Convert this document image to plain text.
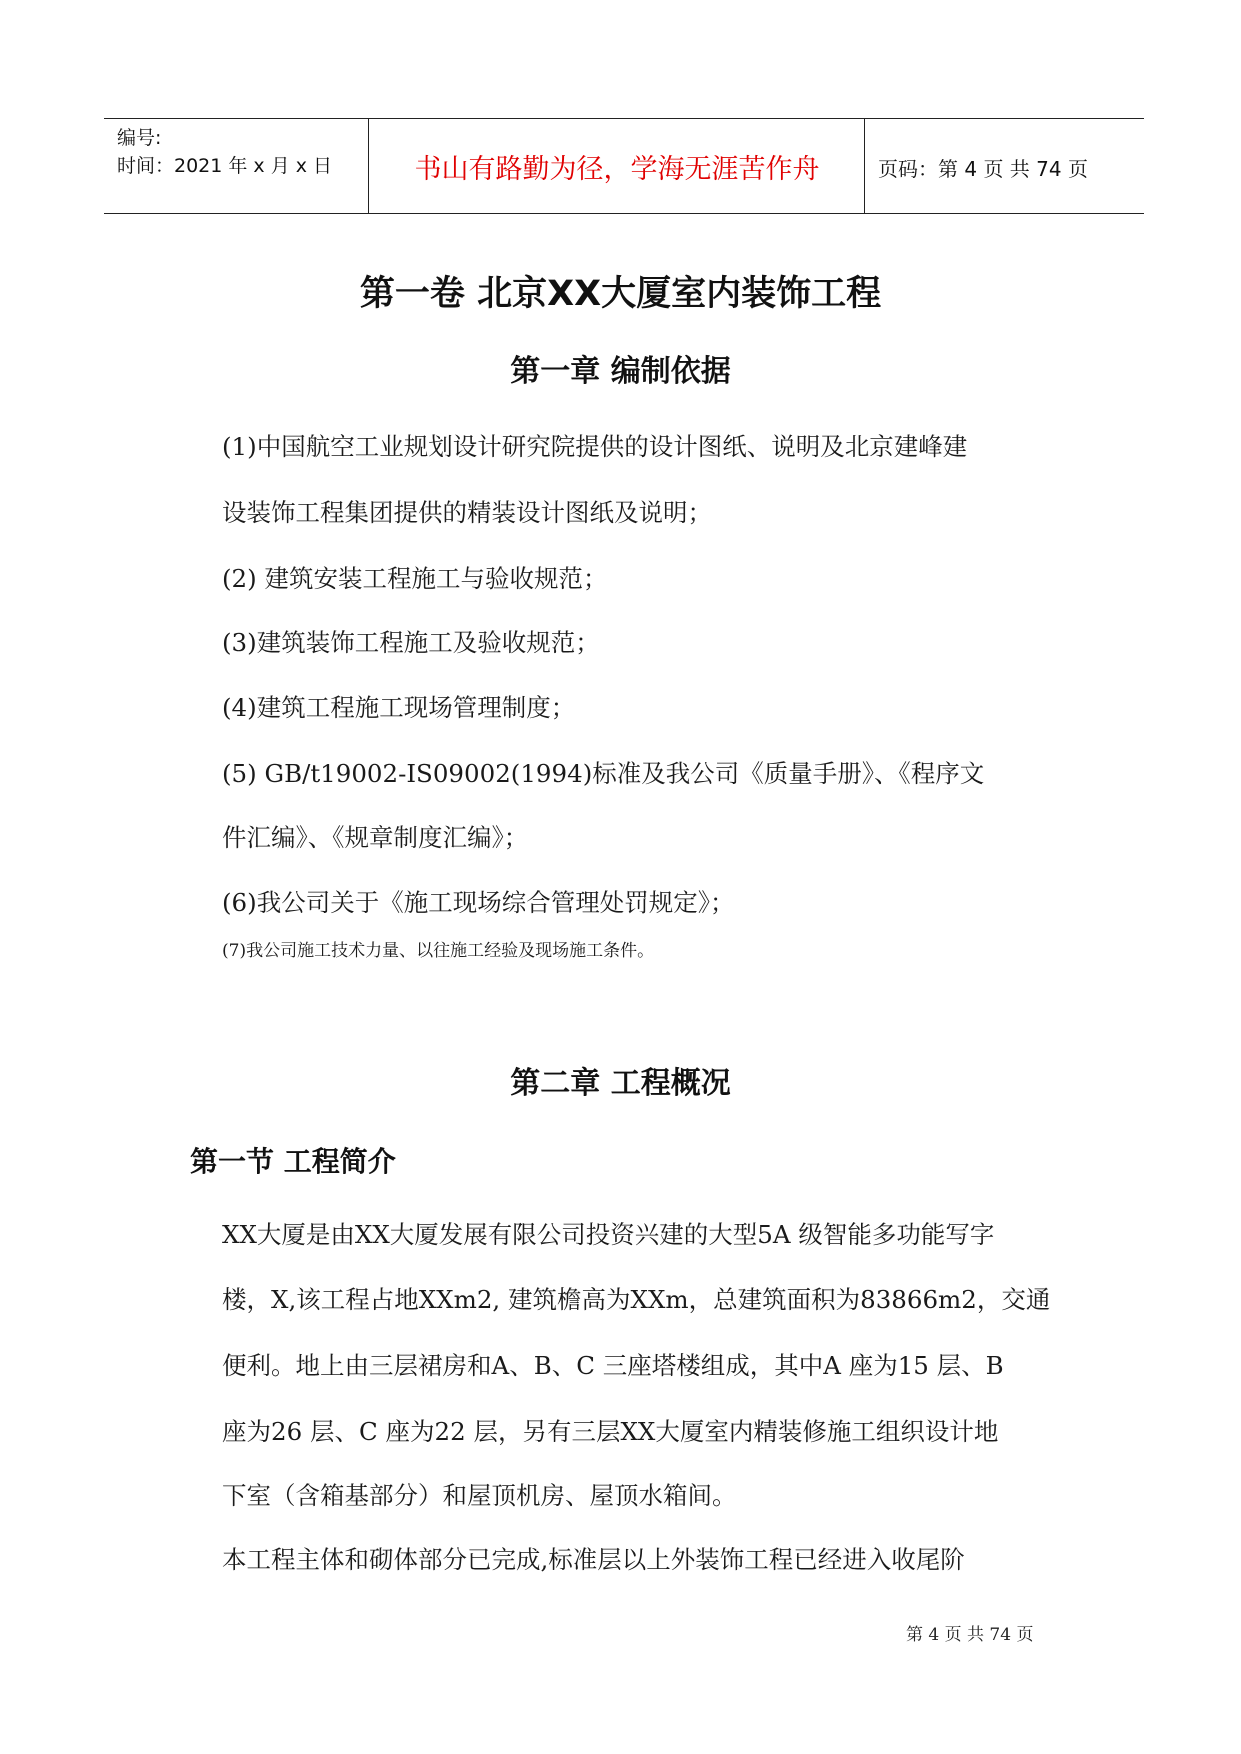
编号:
时间：2021 年 x 月 x 日	书山有路勤为径，学海无涯苦作舟	页码：第 4 页 共 74 页
第一卷 北京XX大厦室内装饰工程
第一章 编制依据
(1)中国航空工业规划设计研究院提供的设计图纸、说明及北京建峰建
设装饰工程集团提供的精装设计图纸及说明；
(2) 建筑安装工程施工与验收规范；
(3)建筑装饰工程施工及验收规范；
(4)建筑工程施工现场管理制度；
(5) GB/t19002-IS09002(1994)标准及我公司《质量手册》、《程序文
件汇编》、《规章制度汇编》；
(6)我公司关于《施工现场综合管理处罚规定》；
(7)我公司施工技术力量、以往施工经验及现场施工条件。
第二章 工程概况
第一节 工程简介
XX大厦是由XX大厦发展有限公司投资兴建的大型5A 级智能多功能写字
楼，X,该工程占地XXm2, 建筑檐高为XXm，总建筑面积为83866m2，交通
便利。地上由三层裙房和A、B、C 三座塔楼组成，其中A 座为15 层、B
座为26 层、C 座为22 层，另有三层XX大厦室内精装修施工组织设计地
下室（含箱基部分）和屋顶机房、屋顶水箱间。
本工程主体和砌体部分已完成,标准层以上外装饰工程已经进入收尾阶
第 4 页 共 74 页
